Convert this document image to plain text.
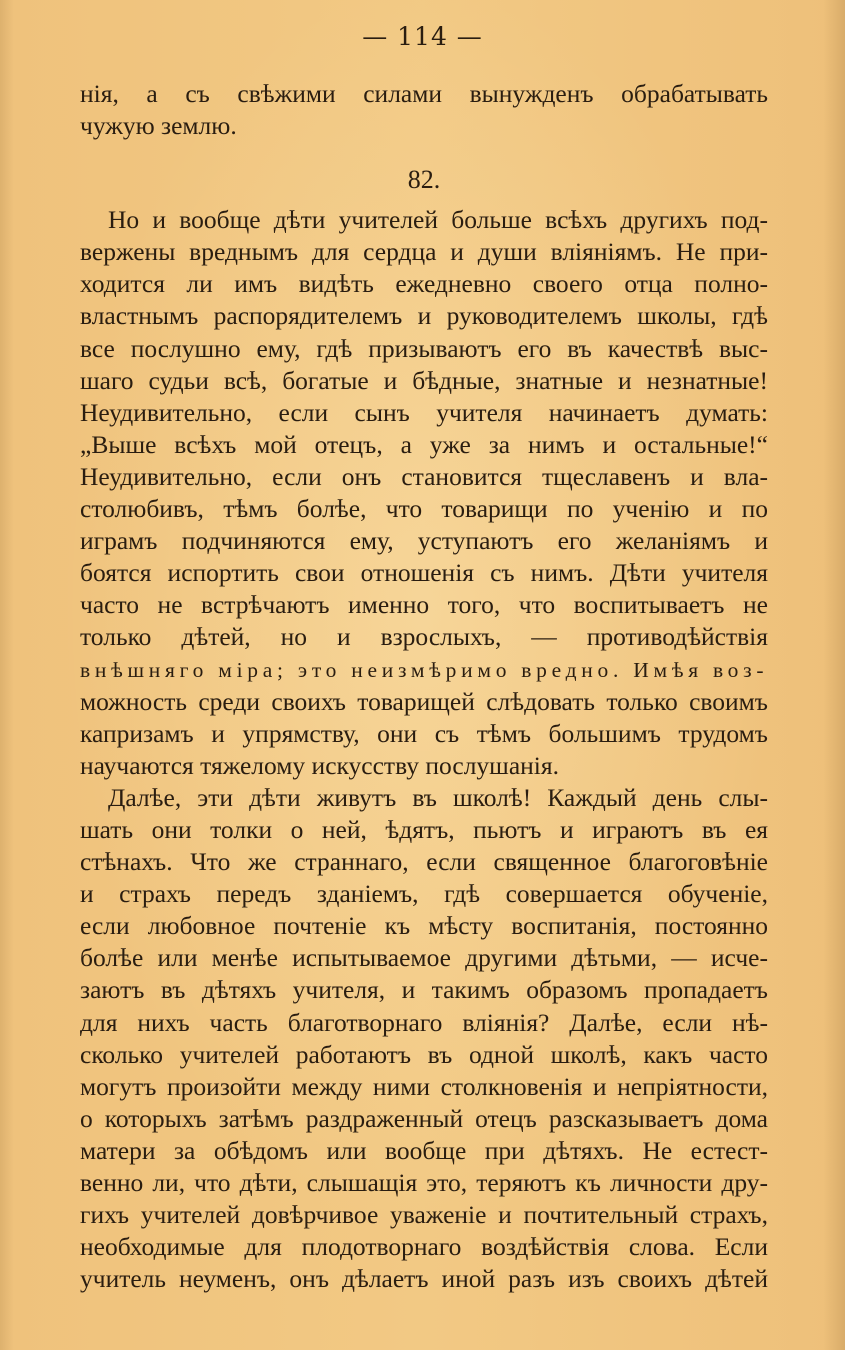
— 114 —
нія, а съ свѣжими силами вынужденъ обрабатывать
чужую землю.
82.
Но и вообще дѣти учителей больше всѣхъ другихъ под-
вержены вреднымъ для сердца и души вліяніямъ. Не при-
ходится ли имъ видѣть ежедневно своего отца полно-
властнымъ распорядителемъ и руководителемъ школы, гдѣ
все послушно ему, гдѣ призываютъ его въ качествѣ выс-
шаго судьи всѣ, богатые и бѣдные, знатные и незнатные!
Неудивительно, если сынъ учителя начинаетъ думать:
„Выше всѣхъ мой отецъ, а уже за нимъ и остальные!“
Неудивительно, если онъ становится тщеславенъ и вла-
столюбивъ, тѣмъ болѣе, что товарищи по ученію и по
играмъ подчиняются ему, уступаютъ его желаніямъ и
боятся испортить свои отношенія съ нимъ. Дѣти учителя
часто не встрѣчаютъ именно того, что воспитываетъ не
только дѣтей, но и взрослыхъ, — противодѣйствія
внѣшняго міра; это неизмѣримо вредно. Имѣя воз-
можность среди своихъ товарищей слѣдовать только своимъ
капризамъ и упрямству, они съ тѣмъ большимъ трудомъ
научаются тяжелому искусству послушанія.
Далѣе, эти дѣти живутъ въ школѣ! Каждый день слы-
шать они толки о ней, ѣдятъ, пьютъ и играютъ въ ея
стѣнахъ. Что же страннаго, если священное благоговѣніе
и страхъ передъ зданіемъ, гдѣ совершается обученіе,
если любовное почтеніе къ мѣсту воспитанія, постоянно
болѣе или менѣе испытываемое другими дѣтьми, — исче-
заютъ въ дѣтяхъ учителя, и такимъ образомъ пропадаетъ
для нихъ часть благотворнаго вліянія? Далѣе, если нѣ-
сколько учителей работаютъ въ одной школѣ, какъ часто
могутъ произойти между ними столкновенія и непріятности,
о которыхъ затѣмъ раздраженный отецъ разсказываетъ дома
матери за обѣдомъ или вообще при дѣтяхъ. Не естест-
венно ли, что дѣти, слышащія это, теряютъ къ личности дру-
гихъ учителей довѣрчивое уваженіе и почтительный страхъ,
необходимые для плодотворнаго воздѣйствія слова. Если
учитель неуменъ, онъ дѣлаетъ иной разъ изъ своихъ дѣтей
